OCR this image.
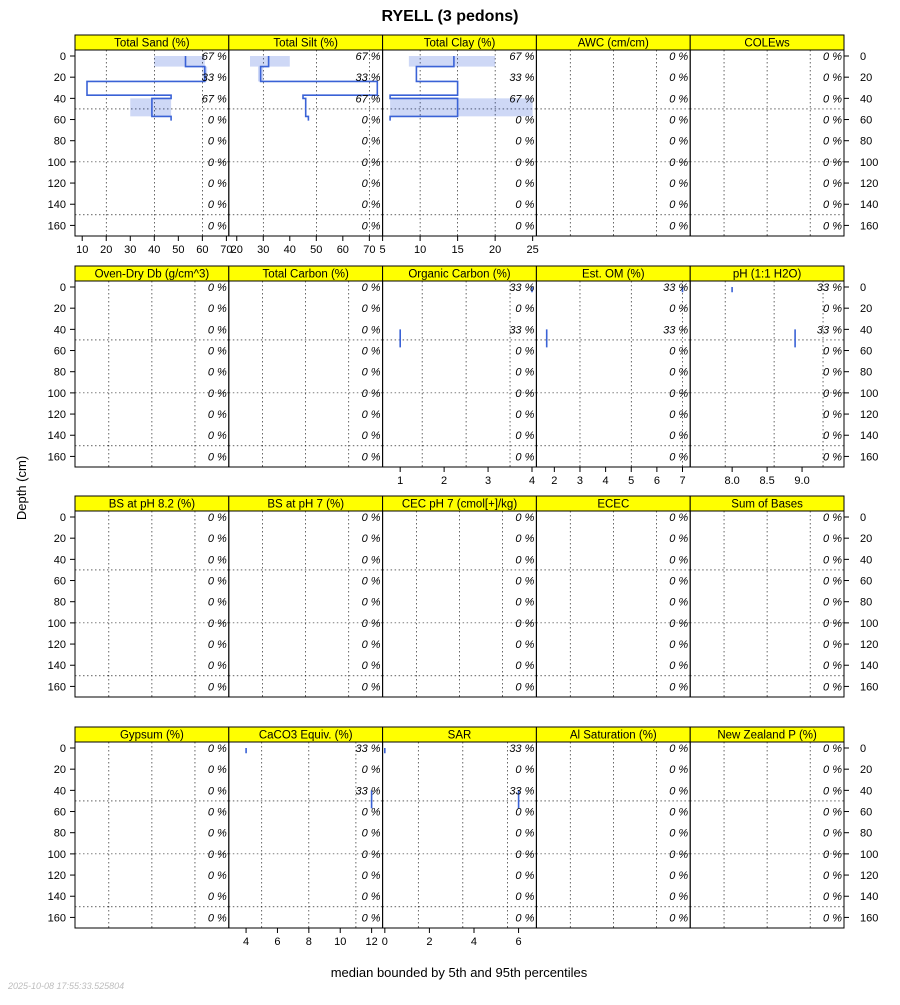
RYELL (3 pedons)
Depth (cm)
median bounded by 5th and 95th percentiles
2025-10-08 17:55:33.525804
0	0
20	20
40	40
60	60
80	80
100	100
120	120
140	140
160	160
Total Sand (%)
67 %
33 %
67 %
0 %
0 %
0 %
0 %
0 %
0 %
10 20 30 40 50 60 70
Total Silt (%)
67 %
33 %
67 %
0 %
0 %
0 %
0 %
0 %
0 %
20 30 40 50 60 70
Total Clay (%)
67 %
33 %
67 %
0 %
0 %
0 %
0 %
0 %
0 %
5	10 15 20 25
AWC (cm/cm)
0 %
0 %
0 %
0 %
0 %
0 %
0 %
0 %
0 %
COLEws
0 %
0 %
0 %
0 %
0 %
0 %
0 %
0 %
0 %
0	0
20	20
40	40
60	60
80	80
100	100
120	120
140	140
160	160
Oven-Dry Db (g/cm^3)
0 %
0 %
0 %
0 %
0 %
0 %
0 %
0 %
0 %
Total Carbon (%)
0 %
0 %
0 %
0 %
0 %
0 %
0 %
0 %
0 %
Organic Carbon (%)
33 %
0 %
33 %
0 %
0 %
0 %
0 %
0 %
0 %
1	2	3	4
Est. OM (%)
33 %
0 %
33 %
0 %
0 %
0 %
0 %
0 %
0 %
2 3 4 5 6 7
pH (1:1 H2O)
33 %
0 %
33 %
0 %
0 %
0 %
0 %
0 %
0 %
8.0 8.5 9.0
0	0
20	20
40	40
60	60
80	80
100	100
120	120
140	140
160	160
BS at pH 8.2 (%)
0 %
0 %
0 %
0 %
0 %
0 %
0 %
0 %
0 %
BS at pH 7 (%)
0 %
0 %
0 %
0 %
0 %
0 %
0 %
0 %
0 %
CEC pH 7 (cmol[+]/kg)
0 %
0 %
0 %
0 %
0 %
0 %
0 %
0 %
0 %
ECEC
0 %
0 %
0 %
0 %
0 %
0 %
0 %
0 %
0 %
Sum of Bases
0 %
0 %
0 %
0 %
0 %
0 %
0 %
0 %
0 %
0	0
20	20
40	40
60	60
80	80
100	100
120	120
140	140
160	160
Gypsum (%)
0 %
0 %
0 %
0 %
0 %
0 %
0 %
0 %
0 %
CaCO3 Equiv. (%)
33 %
0 %
33 %
0 %
0 %
0 %
0 %
0 %
0 %
4 6 8 10 12
SAR
33 %
0 %
33 %
0 %
0 %
0 %
0 %
0 %
0 %
0	2	4	6
Al Saturation (%)
0 %
0 %
0 %
0 %
0 %
0 %
0 %
0 %
0 %
New Zealand P (%)
0 %
0 %
0 %
0 %
0 %
0 %
0 %
0 %
0 %
